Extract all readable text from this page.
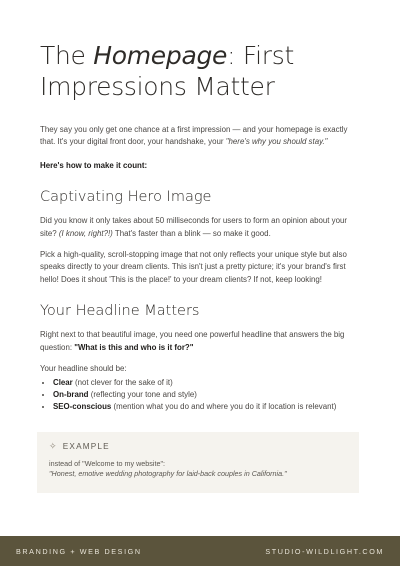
The Homepage: First Impressions Matter

They say you only get one chance at a first impression — and your homepage is exactly that. It's your digital front door, your handshake, your "here's why you should stay."

Here's how to make it count:

Captivating Hero Image

Did you know it only takes about 50 milliseconds for users to form an opinion about your site? (I know, right?!) That's faster than a blink — so make it good.

Pick a high-quality, scroll-stopping image that not only reflects your unique style but also speaks directly to your dream clients. This isn't just a pretty picture; it's your brand's first hello! Does it shout 'This is the place!' to your dream clients? If not, keep looking!

Your Headline Matters

Right next to that beautiful image, you need one powerful headline that answers the big question: "What is this and who is it for?"

Your headline should be:

• Clear (not clever for the sake of it)
• On-brand (reflecting your tone and style)
• SEO-conscious (mention what you do and where you do it if location is relevant)
✧ EXAMPLE
instead of "Welcome to my website":
"Honest, emotive wedding photography for laid-back couples in California."
BRANDING + WEB DESIGN	STUDIO-WILDLIGHT.COM
